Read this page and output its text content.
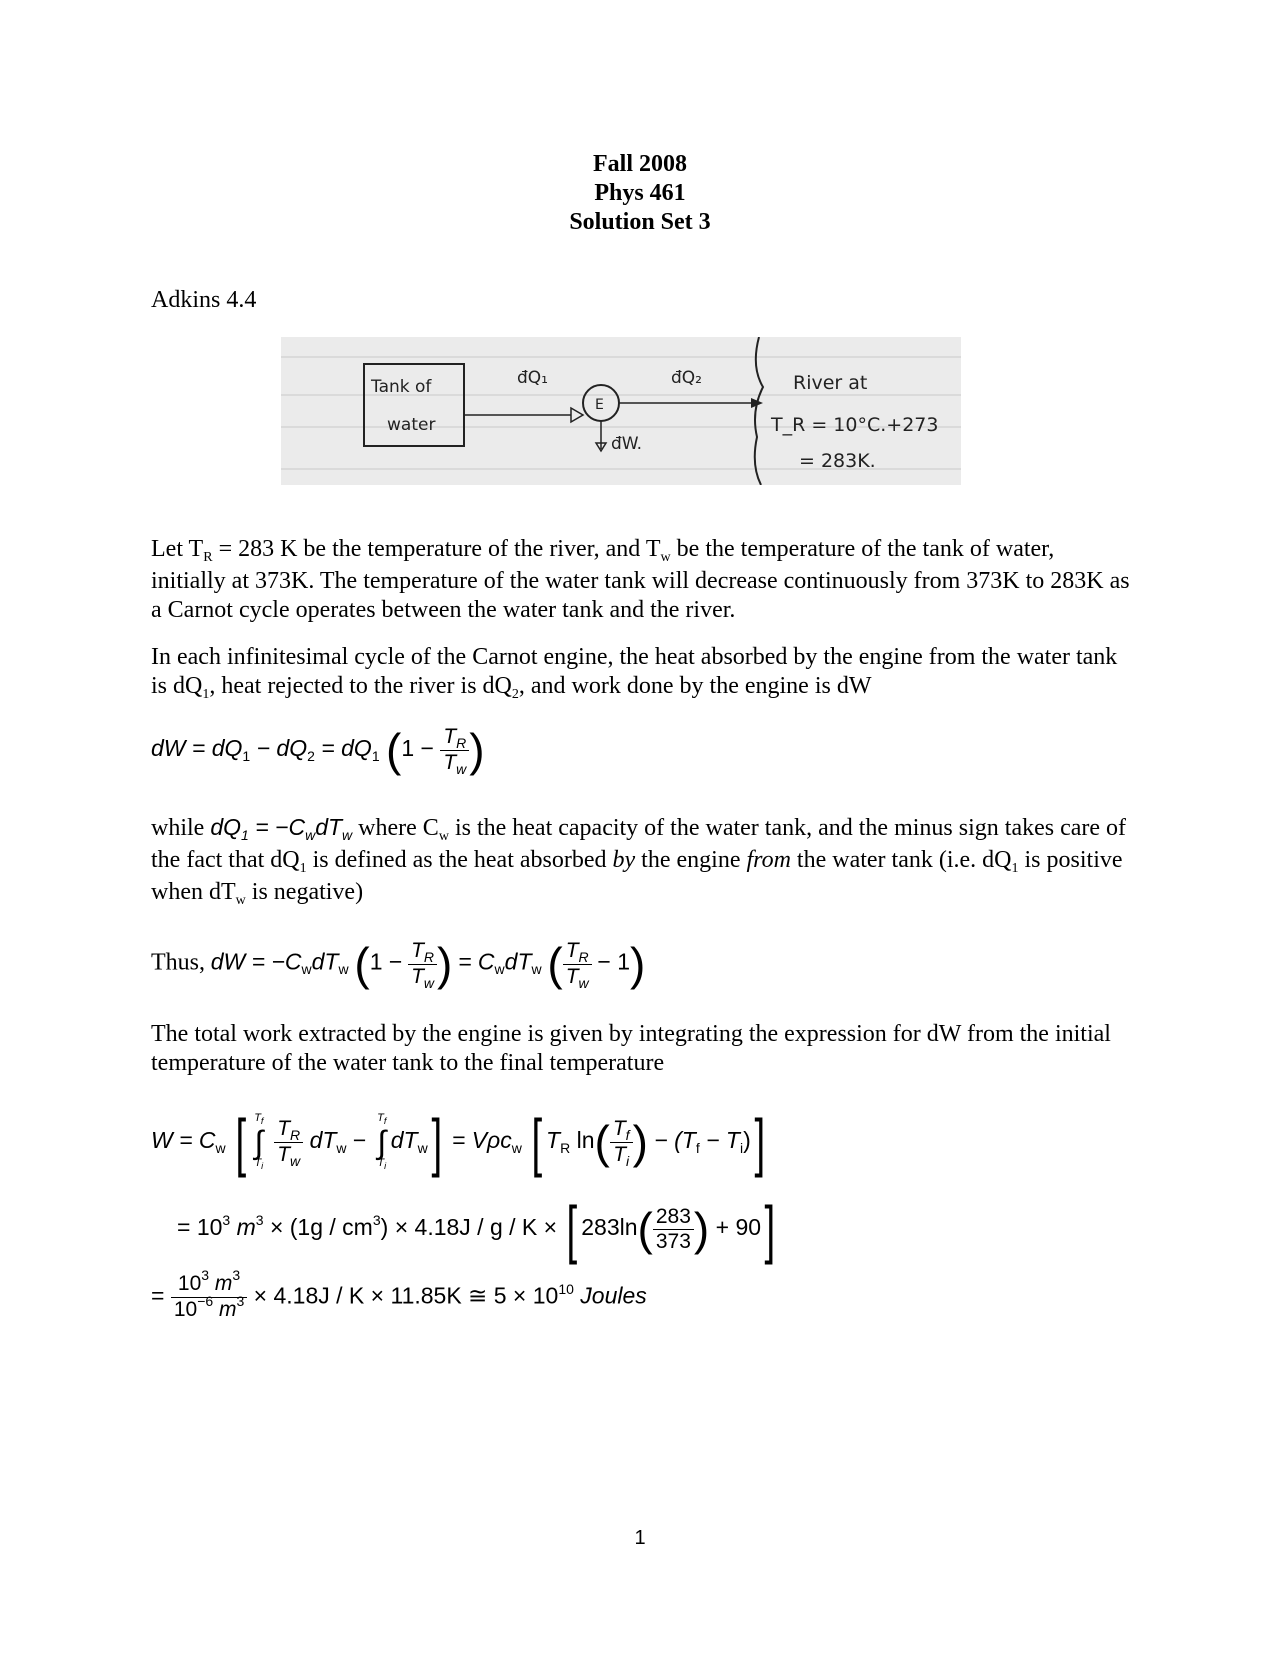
Fall 2008
Phys 461
Solution Set 3
Adkins 4.4
Tank of
water
đQ₁
E
đQ₂
đW.
River at
T_R = 10°C.+273
= 283K.
Let $T_R = 283$ K be the temperature of the river, and $T_w$ be the temperature of the tank of water, initially at 373K. The temperature of the water tank will decrease continuously from 373K to 283K as a Carnot cycle operates between the water tank and the river.
In each infinitesimal cycle of the Carnot engine, the heat absorbed by the engine from the water tank is $dQ_1$, heat rejected to the river is $dQ_2$, and work done by the engine is dW
dW = $dQ_1 - dQ_2 = dQ_1$ ($1 - \frac{T_R}{T_w}$ )
while $dQ_1 = -C_wdT_w$ where $C_w$ is the heat capacity of the water tank, and the minus sign takes care of the fact that $dQ_1$ is defined as the heat absorbed by the engine from the water tank (i.e. $dQ_1$ is positive when $dT_w$ is negative)
Thus, dW = $-C_wdT_w$ ($1 - \frac{T_R}{T_w}$ ) = $C_wdT_w$ ( $\frac{T_R}{T_w} - 1$)
The total work extracted by the engine is given by integrating the expression for dW from the initial temperature of the water tank to the final temperature
$W = C_w$ [ $T_f$
∫
$T_i$
$\frac{T_R}{T_w} dT_w$ −
$T_f$
∫
$T_i$
$dT_w] = V\rho c_w$ [ $T_R$ $\ln( \frac{T_f}{T_i}$ ) − $(T_f - T_i)$]
= $10^3$ $m^3 \times (1g / cm^3) \times 4.18J / g / K$ × [ $283\ln( \frac{283}{373}$ ) + 90]
= $\frac{10^3 m^3}{10^{-6} m^3} \times 4.18J / K \times 11.85K$ ≅ $5 \times 10^{10}$ Joules
1
